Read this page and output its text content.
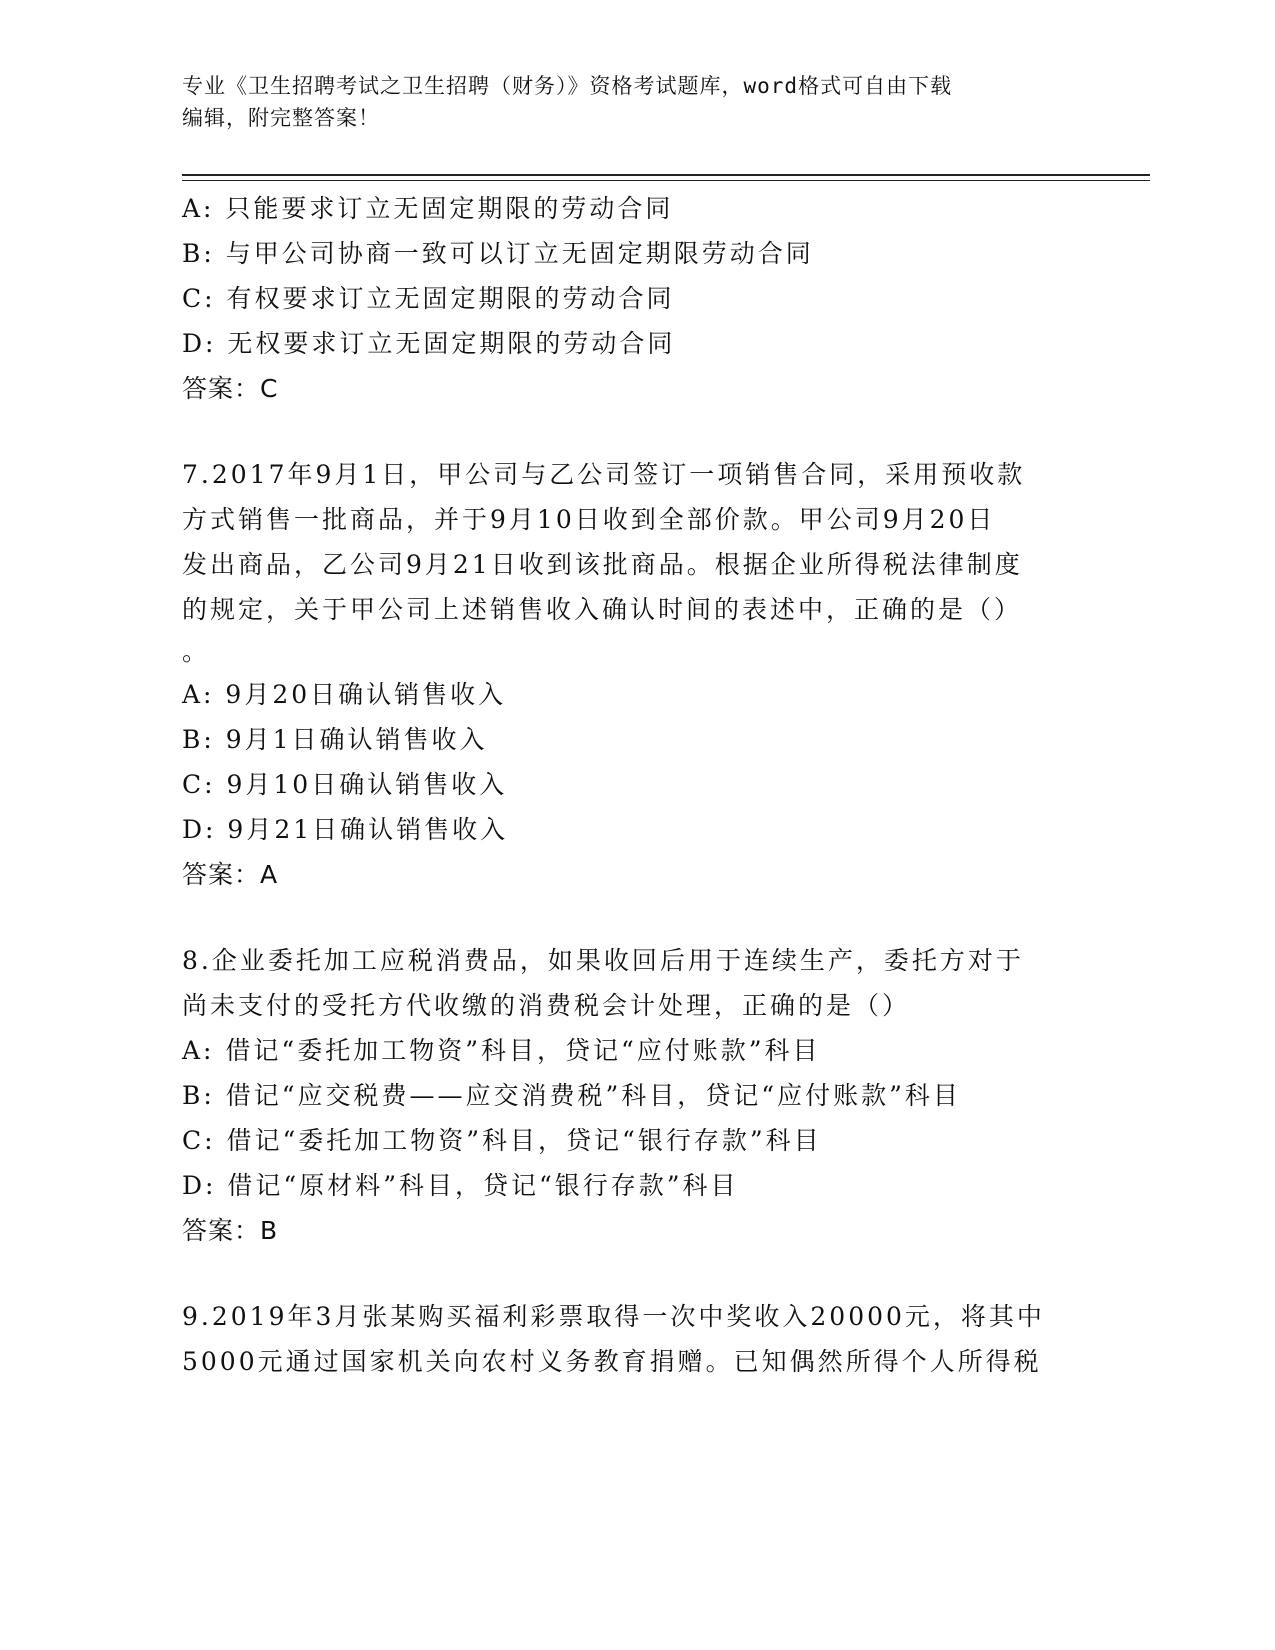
专业《卫生招聘考试之卫生招聘（财务）》资格考试题库，word格式可自由下载
编辑，附完整答案！
A: 只能要求订立无固定期限的劳动合同
B: 与甲公司协商一致可以订立无固定期限劳动合同
C: 有权要求订立无固定期限的劳动合同
D: 无权要求订立无固定期限的劳动合同
答案：C
7.2017年9月1日，甲公司与乙公司签订一项销售合同，采用预收款
方式销售一批商品，并于9月10日收到全部价款。甲公司9月20日
发出商品，乙公司9月21日收到该批商品。根据企业所得税法律制度
的规定，关于甲公司上述销售收入确认时间的表述中，正确的是（）
。
A: 9月20日确认销售收入
B: 9月1日确认销售收入
C: 9月10日确认销售收入
D: 9月21日确认销售收入
答案：A
8.企业委托加工应税消费品，如果收回后用于连续生产，委托方对于
尚未支付的受托方代收缴的消费税会计处理，正确的是（）
A: 借记“委托加工物资”科目，贷记“应付账款”科目
B: 借记“应交税费——应交消费税”科目，贷记“应付账款”科目
C: 借记“委托加工物资”科目，贷记“银行存款”科目
D: 借记“原材料”科目，贷记“银行存款”科目
答案：B
9.2019年3月张某购买福利彩票取得一次中奖收入20000元，将其中
5000元通过国家机关向农村义务教育捐赠。已知偶然所得个人所得税
